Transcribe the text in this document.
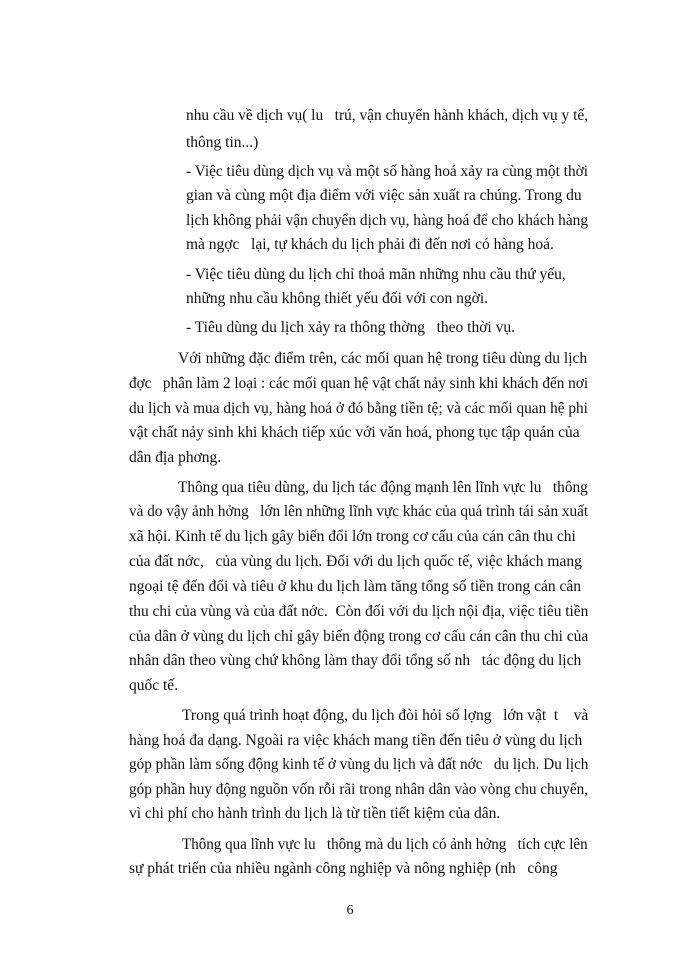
nhu cầu về dịch vụ( lu   trú, vận chuyển hành khách, dịch vụ y tế,
thông tin...)
- Việc tiêu dùng dịch vụ và một số hàng hoá xảy ra cùng một thời
gian và cùng một địa điểm với việc sản xuất ra chúng. Trong du
lịch không phải vận chuyển dịch vụ, hàng hoá để cho khách hàng
mà ngợc   lại, tự khách du lịch phải đi đến nơi có hàng hoá.
- Việc tiêu dùng du lịch chỉ thoả mãn những nhu cầu thứ yếu,
những nhu cầu không thiết yếu đối với con ngời.
- Tiêu dùng du lịch xảy ra thông thờng   theo thời vụ.
Với những đặc điểm trên, các mối quan hệ trong tiêu dùng du lịch
đợc   phân làm 2 loại : các mối quan hệ vật chất nảy sinh khi khách đến nơi
du lịch và mua dịch vụ, hàng hoá ở đó bằng tiền tệ; và các mối quan hệ phi
vật chất nảy sinh khi khách tiếp xúc với văn hoá, phong tục tập quán của
dân địa phơng.
Thông qua tiêu dùng, du lịch tác động mạnh lên lĩnh vực lu   thông
và do vậy ảnh hởng   lớn lên những lĩnh vực khác của quá trình tái sản xuất
xã hội. Kinh tế du lịch gây biến đổi lớn trong cơ cấu của cán cân thu chi
của đất nớc,   của vùng du lịch. Đối với du lịch quốc tế, việc khách mang
ngoại tệ đến đổi và tiêu ở khu du lịch làm tăng tổng số tiền trong cán cân
thu chi của vùng và của đất nớc.  Còn đối với du lịch nội địa, việc tiêu tiền
của dân ở vùng du lịch chỉ gây biến động trong cơ cấu cán cân thu chi của
nhân dân theo vùng chứ không làm thay đổi tổng số nh   tác động du lịch
quốc tế.
Trong quá trình hoạt động, du lịch đòi hỏi số lợng   lớn vật  t    và
hàng hoá đa dạng. Ngoài ra việc khách mang tiền đến tiêu ở vùng du lịch
góp phần làm sống động kinh tế ở vùng du lịch và đất nớc   du lịch. Du lịch
góp phần huy động nguồn vốn rỗi rãi trong nhân dân vào vòng chu chuyển,
vì chi phí cho hành trình du lịch là từ tiền tiết kiệm của dân.
Thông qua lĩnh vực lu   thông mà du lịch có ảnh hởng   tích cực lên
sự phát triển của nhiều ngành công nghiệp và nông nghiệp (nh   công
6
